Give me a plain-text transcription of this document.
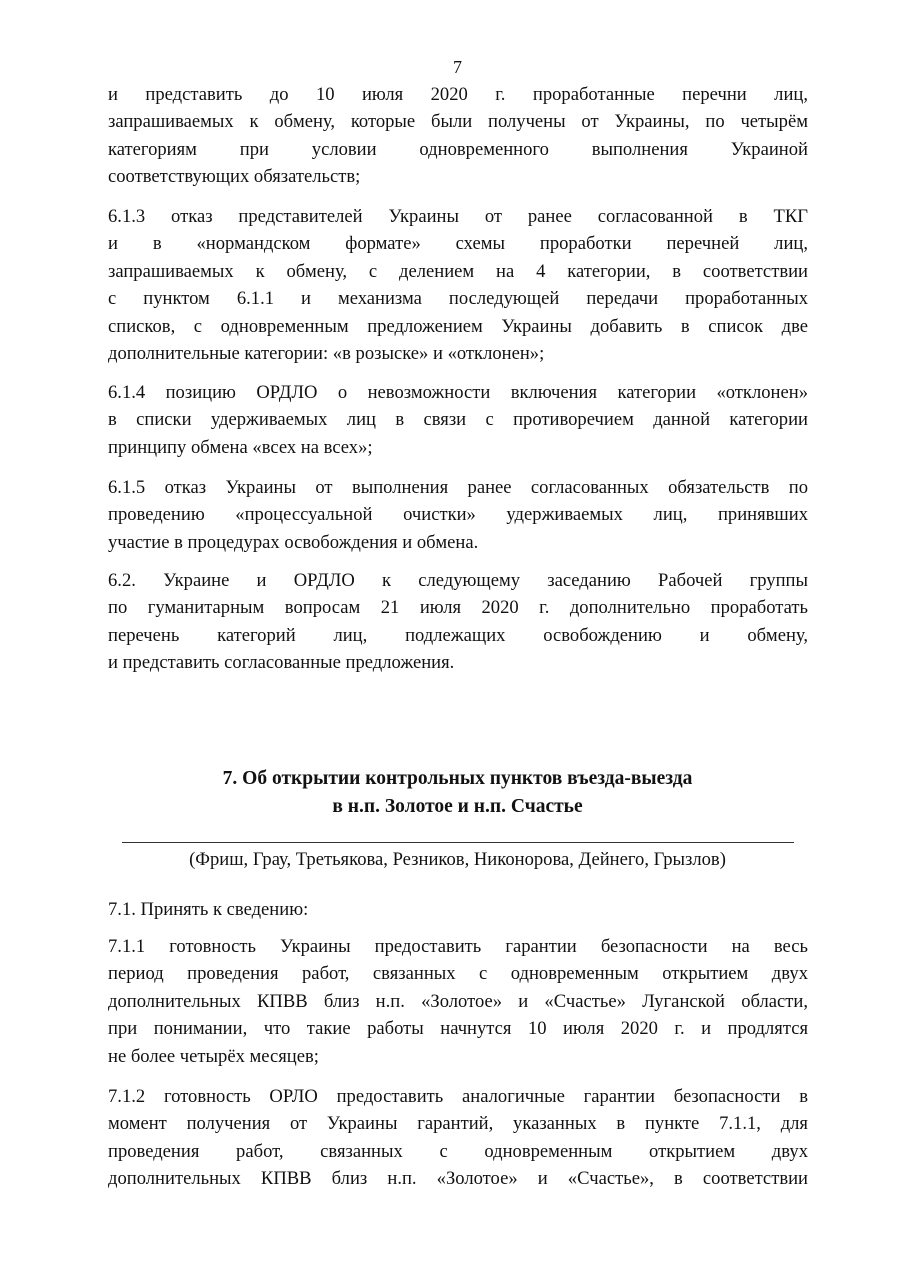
7
и представить до 10 июля 2020 г. проработанные перечни лиц,
запрашиваемых к обмену, которые были получены от Украины, по четырём
категориям при условии одновременного выполнения Украиной
соответствующих обязательств;
6.1.3 отказ представителей Украины от ранее согласованной в ТКГ
и в «нормандском формате» схемы проработки перечней лиц,
запрашиваемых к обмену, с делением на 4 категории, в соответствии
с пунктом 6.1.1 и механизма последующей передачи проработанных
списков, с одновременным предложением Украины добавить в список две
дополнительные категории: «в розыске» и «отклонен»;
6.1.4 позицию ОРДЛО о невозможности включения категории «отклонен»
в списки удерживаемых лиц в связи с противоречием данной категории
принципу обмена «всех на всех»;
6.1.5 отказ Украины от выполнения ранее согласованных обязательств по
проведению «процессуальной очистки» удерживаемых лиц, принявших
участие в процедурах освобождения и обмена.
6.2. Украине и ОРДЛО к следующему заседанию Рабочей группы
по гуманитарным вопросам 21 июля 2020 г. дополнительно проработать
перечень категорий лиц, подлежащих освобождению и обмену,
и представить согласованные предложения.
7. Об открытии контрольных пунктов въезда-выезда
в н.п. Золотое и н.п. Счастье
(Фриш, Грау, Третьякова, Резников, Никонорова, Дейнего, Грызлов)
7.1. Принять к сведению:
7.1.1 готовность Украины предоставить гарантии безопасности на весь
период проведения работ, связанных с одновременным открытием двух
дополнительных КПВВ близ н.п. «Золотое» и «Счастье» Луганской области,
при понимании, что такие работы начнутся 10 июля 2020 г. и продлятся
не более четырёх месяцев;
7.1.2 готовность ОРЛО предоставить аналогичные гарантии безопасности в
момент получения от Украины гарантий, указанных в пункте 7.1.1, для
проведения работ, связанных с одновременным открытием двух
дополнительных КПВВ близ н.п. «Золотое» и «Счастье», в соответствии
